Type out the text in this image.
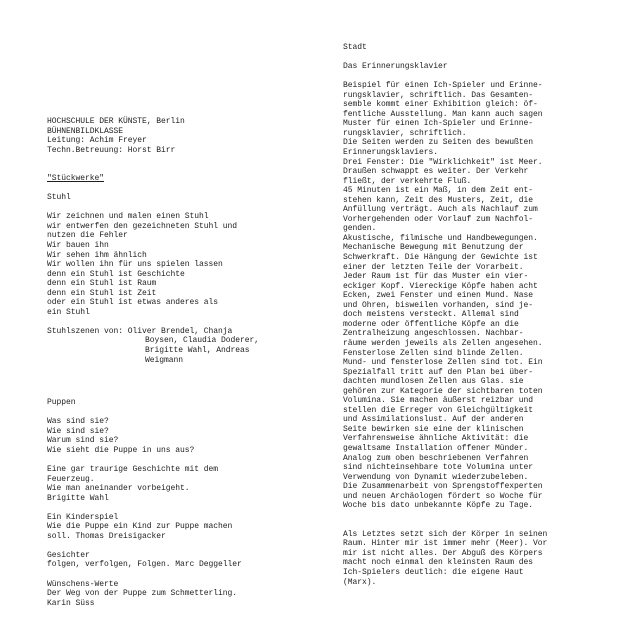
HOCHSCHULE DER KÜNSTE, Berlin
BÜHNENBILDKLASSE
Leitung: Achim Freyer
Techn.Betreuung: Horst Birr
"Stückwerke"
Stuhl
Wir zeichnen und malen einen Stuhl
wir entwerfen den gezeichneten Stuhl und
nutzen die Fehler
Wir bauen ihn
Wir sehen ihm ähnlich
Wir wollen ihn für uns spielen lassen
denn ein Stuhl ist Geschichte
denn ein Stuhl ist Raum
denn ein Stuhl ist Zeit
oder ein Stuhl ist etwas anderes als
ein Stuhl
Stuhlszenen von: Oliver Brendel, Chanja
Boysen, Claudia Doderer,
Brigitte Wahl, Andreas
Weigmann
Puppen
Was sind sie?
Wie sind sie?
Warum sind sie?
Wie sieht die Puppe in uns aus?
Eine gar traurige Geschichte mit dem
Feuerzeug.
Wie man aneinander vorbeigeht.
Brigitte Wahl
Ein Kinderspiel
Wie die Puppe ein Kind zur Puppe machen
soll. Thomas Dreisigacker
Gesichter
folgen, verfolgen, Folgen. Marc Deggeller
Wünschens-Werte
Der Weg von der Puppe zum Schmetterling.
Karin Süss
Stadt
Das Erinnerungsklavier
Beispiel für einen Ich-Spieler und Erinne-
rungsklavier, schriftlich. Das Gesamten-
semble kommt einer Exhibition gleich: öf-
fentliche Ausstellung. Man kann auch sagen
Muster für einen Ich-Spieler und Erinne-
rungsklavier, schriftlich.
Die Seiten werden zu Seiten des bewußten
Erinnerungsklaviers.
Drei Fenster: Die "Wirklichkeit" ist Meer.
Draußen schwappt es weiter. Der Verkehr
fließt, der verkehrte Fluß.
45 Minuten ist ein Maß, in dem Zeit ent-
stehen kann, Zeit des Musters, Zeit, die
Anfüllung verträgt. Auch als Nachlauf zum
Vorhergehenden oder Vorlauf zum Nachfol-
genden.
Akustische, filmische und Handbewegungen.
Mechanische Bewegung mit Benutzung der
Schwerkraft. Die Hängung der Gewichte ist
einer der letzten Teile der Vorarbeit.
Jeder Raum ist für das Muster ein vier-
eckiger Kopf. Viereckige Köpfe haben acht
Ecken, zwei Fenster und einen Mund. Nase
und Ohren, bisweilen vorhanden, sind je-
doch meistens versteckt. Allemal sind
moderne oder öffentliche Köpfe an die
Zentralheizung angeschlossen. Nachbar-
räume werden jeweils als Zellen angesehen.
Fensterlose Zellen sind blinde Zellen.
Mund- und fensterlose Zellen sind tot. Ein
Spezialfall tritt auf den Plan bei über-
dachten mundlosen Zellen aus Glas. sie
gehören zur Kategorie der sichtbaren toten
Volumina. Sie machen äußerst reizbar und
stellen die Erreger von Gleichgültigkeit
und Assimilationslust. Auf der anderen
Seite bewirken sie eine der klinischen
Verfahrensweise ähnliche Aktivität: die
gewaltsame Installation offener Münder.
Analog zum oben beschriebenen Verfahren
sind nichteinsehbare tote Volumina unter
Verwendung von Dynamit wiederzubeleben.
Die Zusammenarbeit von Sprengstoffexperten
und neuen Archäologen fördert so Woche für
Woche bis dato unbekannte Köpfe zu Tage.
Als Letztes setzt sich der Körper in seinen
Raum. Hinter mir ist immer mehr (Meer). Vor
mir ist nicht alles. Der Abguß des Körpers
macht noch einmal den kleinsten Raum des
Ich-Spielers deutlich: die eigene Haut
(Marx).
